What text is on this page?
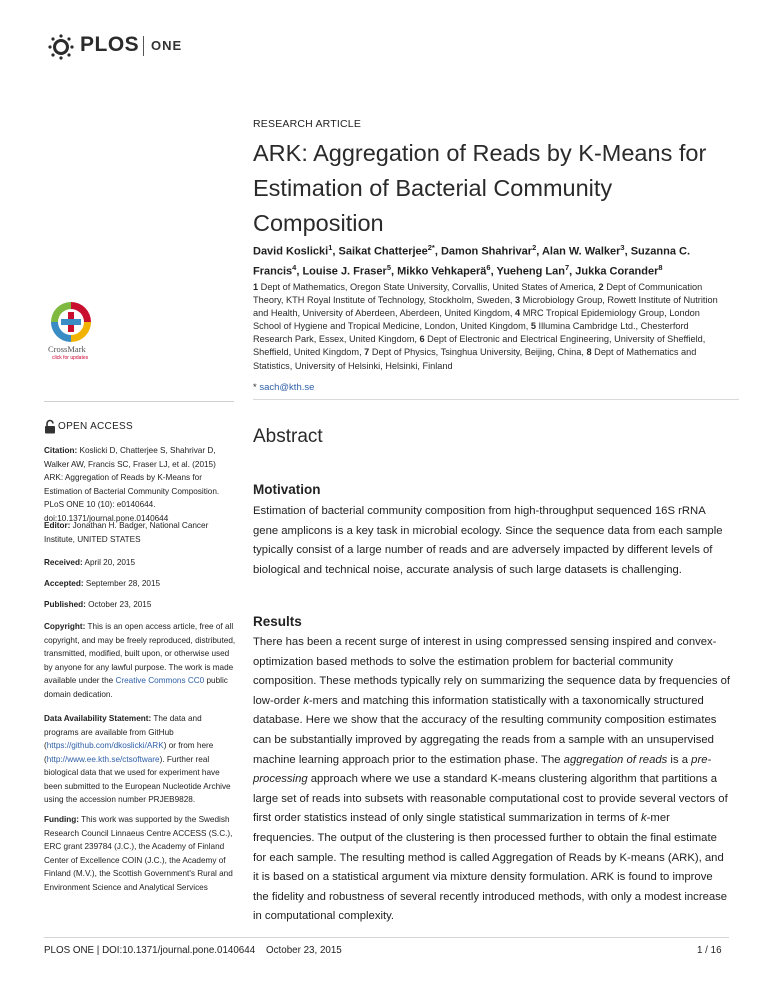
PLOS ONE
RESEARCH ARTICLE
ARK: Aggregation of Reads by K-Means for Estimation of Bacterial Community Composition
David Koslicki$^1$, Saikat Chatterjee$^{2*}$, Damon Shahrivar$^2$, Alan W. Walker$^3$, Suzanna C. Francis$^4$, Louise J. Fraser$^5$, Mikko Vehkaperä$^6$, Yueheng Lan$^7$, Jukka Corander$^8$
1 Dept of Mathematics, Oregon State University, Corvallis, United States of America, 2 Dept of Communication Theory, KTH Royal Institute of Technology, Stockholm, Sweden, 3 Microbiology Group, Rowett Institute of Nutrition and Health, University of Aberdeen, Aberdeen, United Kingdom, 4 MRC Tropical Epidemiology Group, London School of Hygiene and Tropical Medicine, London, United Kingdom, 5 Illumina Cambridge Ltd., Chesterford Research Park, Essex, United Kingdom, 6 Dept of Electronic and Electrical Engineering, University of Sheffield, Sheffield, United Kingdom, 7 Dept of Physics, Tsinghua University, Beijing, China, 8 Dept of Mathematics and Statistics, University of Helsinki, Helsinki, Finland
* sach@kth.se
Abstract
Motivation

Estimation of bacterial community composition from high-throughput sequenced 16S rRNA gene amplicons is a key task in microbial ecology. Since the sequence data from each sample typically consist of a large number of reads and are adversely impacted by different levels of biological and technical noise, accurate analysis of such large datasets is challenging.

Results

There has been a recent surge of interest in using compressed sensing inspired and convex-optimization based methods to solve the estimation problem for bacterial community composition. These methods typically rely on summarizing the sequence data by frequencies of low-order k-mers and matching this information statistically with a taxonomically structured database. Here we show that the accuracy of the resulting community composition estimates can be substantially improved by aggregating the reads from a sample with an unsupervised machine learning approach prior to the estimation phase. The aggregation of reads is a pre-processing approach where we use a standard K-means clustering algorithm that partitions a large set of reads into subsets with reasonable computational cost to provide several vectors of first order statistics instead of only single statistical summarization in terms of k-mer frequencies. The output of the clustering is then processed further to obtain the final estimate for each sample. The resulting method is called Aggregation of Reads by K-means (ARK), and it is based on a statistical argument via mixture density formulation. ARK is found to improve the fidelity and robustness of several recently introduced methods, with only a modest increase in computational complexity.

CrossMark
click for updates
OPEN ACCESS
Citation: Koslicki D, Chatterjee S, Shahrivar D, Walker AW, Francis SC, Fraser LJ, et al. (2015) ARK: Aggregation of Reads by K-Means for Estimation of Bacterial Community Composition. PLoS ONE 10 (10): e0140644. doi:10.1371/journal.pone.0140644
Editor: Jonathan H. Badger, National Cancer Institute, UNITED STATES
Received: April 20, 2015
Accepted: September 28, 2015
Published: October 23, 2015
Copyright: This is an open access article, free of all copyright, and may be freely reproduced, distributed, transmitted, modified, built upon, or otherwise used by anyone for any lawful purpose. The work is made available under the Creative Commons CC0 public domain dedication.
Data Availability Statement: The data and programs are available from GitHub (https://github.com/dkoslicki/ARK) or from here (http://www.ee.kth.se/ctsoftware). Further real biological data that we used for experiment have been submitted to the European Nucleotide Archive using the accession number PRJEB9828.
Funding: This work was supported by the Swedish Research Council Linnaeus Centre ACCESS (S.C.), ERC grant 239784 (J.C.), the Academy of Finland Center of Excellence COIN (J.C.), the Academy of Finland (M.V.), the Scottish Government's Rural and Environment Science and Analytical Services
PLOS ONE | DOI:10.1371/journal.pone.0140644    October 23, 2015	1 / 16
